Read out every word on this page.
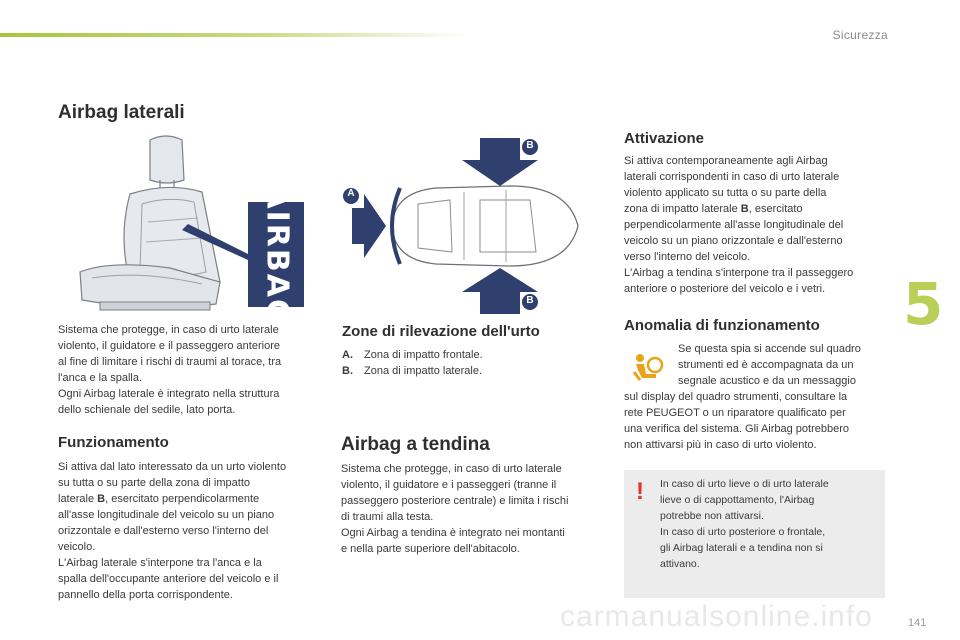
Sicurezza
Airbag laterali
AIRBAG

Sistema che protegge, in caso di urto laterale
violento, il guidatore e il passeggero anteriore
al fine di limitare i rischi di traumi al torace, tra
l'anca e la spalla.
Ogni Airbag laterale è integrato nella struttura
dello schienale del sedile, lato porta.

Funzionamento

Si attiva dal lato interessato da un urto violento
su tutta o su parte della zona di impatto
laterale B, esercitato perpendicolarmente
all'asse longitudinale del veicolo su un piano
orizzontale e dall'esterno verso l'interno del
veicolo.
L'Airbag laterale s'interpone tra l'anca e la
spalla dell'occupante anteriore del veicolo e il
pannello della porta corrispondente.

A
B
B
Zone di rilevazione dell'urto
A. Zona di impatto frontale.
B. Zona di impatto laterale.
Airbag a tendina

Sistema che protegge, in caso di urto laterale
violento, il guidatore e i passeggeri (tranne il
passeggero posteriore centrale) e limita i rischi
di traumi alla testa.
Ogni Airbag a tendina è integrato nei montanti
e nella parte superiore dell'abitacolo.

Attivazione

Si attiva contemporaneamente agli Airbag
laterali corrispondenti in caso di urto laterale
violento applicato su tutta o su parte della
zona di impatto laterale B, esercitato
perpendicolarmente all'asse longitudinale del
veicolo su un piano orizzontale e dall'esterno
verso l'interno del veicolo.
L'Airbag a tendina s'interpone tra il passeggero
anteriore o posteriore del veicolo e i vetri.

Anomalia di funzionamento

Se questa spia si accende sul quadro
strumenti ed è accompagnata da un
segnale acustico e da un messaggio

sul display del quadro strumenti, consultare la
rete PEUGEOT o un riparatore qualificato per
una verifica del sistema. Gli Airbag potrebbero
non attivarsi più in caso di urto violento.

! In caso di urto lieve o di urto laterale
lieve o di cappottamento, l'Airbag
potrebbe non attivarsi.
In caso di urto posteriore o frontale,
gli Airbag laterali e a tendina non si
attivano.
5
carmanualsonline.info	141
